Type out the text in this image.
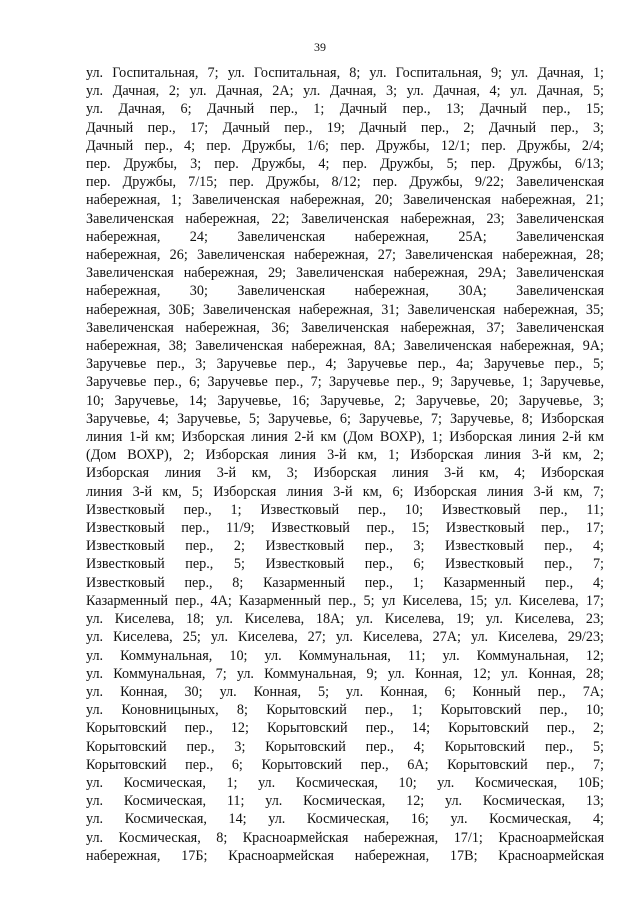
39
ул. Госпитальная, 7; ул. Госпитальная, 8; ул. Госпитальная, 9; ул. Дачная, 1;
ул. Дачная, 2; ул. Дачная, 2А; ул. Дачная, 3; ул. Дачная, 4; ул. Дачная, 5;
ул. Дачная, 6; Дачный пер., 1; Дачный пер., 13; Дачный пер., 15;
Дачный пер., 17; Дачный пер., 19; Дачный пер., 2; Дачный пер., 3;
Дачный пер., 4; пер. Дружбы, 1/6; пер. Дружбы, 12/1; пер. Дружбы, 2/4;
пер. Дружбы, 3; пер. Дружбы, 4; пер. Дружбы, 5; пер. Дружбы, 6/13;
пер. Дружбы, 7/15; пер. Дружбы, 8/12; пер. Дружбы, 9/22; Завеличенская
набережная, 1; Завеличенская набережная, 20; Завеличенская набережная, 21;
Завеличенская набережная, 22; Завеличенская набережная, 23; Завеличенская
набережная, 24; Завеличенская набережная, 25А; Завеличенская
набережная, 26; Завеличенская набережная, 27; Завеличенская набережная, 28;
Завеличенская набережная, 29; Завеличенская набережная, 29А; Завеличенская
набережная, 30; Завеличенская набережная, 30А; Завеличенская
набережная, 30Б; Завеличенская набережная, 31; Завеличенская набережная, 35;
Завеличенская набережная, 36; Завеличенская набережная, 37; Завеличенская
набережная, 38; Завеличенская набережная, 8А; Завеличенская набережная, 9А;
Заручевье пер., 3; Заручевье пер., 4; Заручевье пер., 4а; Заручевье пер., 5;
Заручевье пер., 6; Заручевье пер., 7; Заручевье пер., 9; Заручевье, 1; Заручевье,
10; Заручевье, 14; Заручевье, 16; Заручевье, 2; Заручевье, 20; Заручевье, 3;
Заручевье, 4; Заручевье, 5; Заручевье, 6; Заручевье, 7; Заручевье, 8; Изборская
линия 1-й км; Изборская линия 2-й км (Дом ВОХР), 1; Изборская линия 2-й км
(Дом ВОХР), 2; Изборская линия 3-й км, 1; Изборская линия 3-й км, 2;
Изборская линия 3-й км, 3; Изборская линия 3-й км, 4; Изборская
линия 3-й км, 5; Изборская линия 3-й км, 6; Изборская линия 3-й км, 7;
Известковый пер., 1; Известковый пер., 10; Известковый пер., 11;
Известковый пер., 11/9; Известковый пер., 15; Известковый пер., 17;
Известковый пер., 2; Известковый пер., 3; Известковый пер., 4;
Известковый пер., 5; Известковый пер., 6; Известковый пер., 7;
Известковый пер., 8; Казарменный пер., 1; Казарменный пер., 4;
Казарменный пер., 4А; Казарменный пер., 5; ул Киселева, 15; ул. Киселева, 17;
ул. Киселева, 18; ул. Киселева, 18А; ул. Киселева, 19; ул. Киселева, 23;
ул. Киселева, 25; ул. Киселева, 27; ул. Киселева, 27А; ул. Киселева, 29/23;
ул. Коммунальная, 10; ул. Коммунальная, 11; ул. Коммунальная, 12;
ул. Коммунальная, 7; ул. Коммунальная, 9; ул. Конная, 12; ул. Конная, 28;
ул. Конная, 30; ул. Конная, 5; ул. Конная, 6; Конный пер., 7А;
ул. Коновницыных, 8; Корытовский пер., 1; Корытовский пер., 10;
Корытовский пер., 12; Корытовский пер., 14; Корытовский пер., 2;
Корытовский пер., 3; Корытовский пер., 4; Корытовский пер., 5;
Корытовский пер., 6; Корытовский пер., 6А; Корытовский пер., 7;
ул. Космическая, 1; ул. Космическая, 10; ул. Космическая, 10Б;
ул. Космическая, 11; ул. Космическая, 12; ул. Космическая, 13;
ул. Космическая, 14; ул. Космическая, 16; ул. Космическая, 4;
ул. Космическая, 8; Красноармейская набережная, 17/1; Красноармейская
набережная, 17Б; Красноармейская набережная, 17В; Красноармейская
